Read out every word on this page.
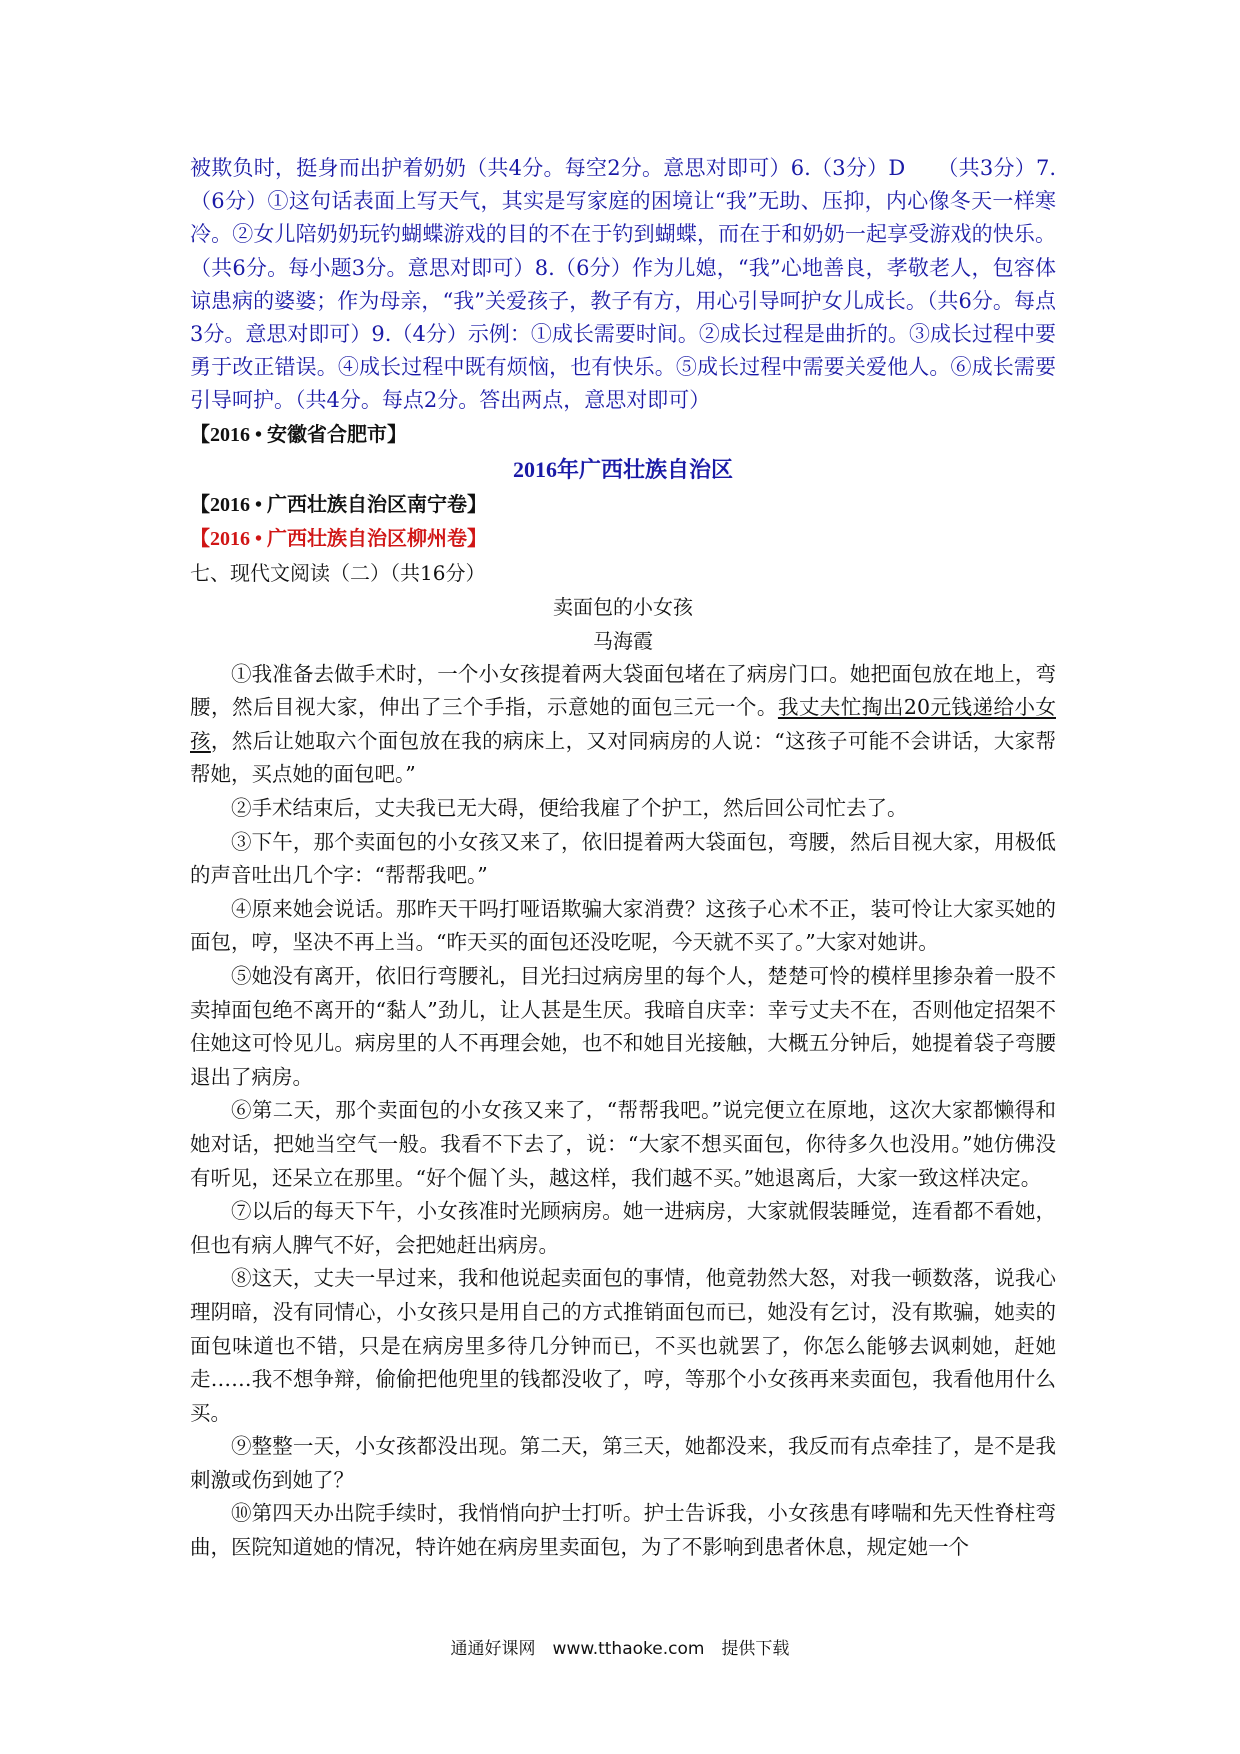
被欺负时，挺身而出护着奶奶（共4分。每空2分。意思对即可）6.（3分）D　　（共3分）7.（6分）①这句话表面上写天气，其实是写家庭的困境让“我”无助、压抑，内心像冬天一样寒冷。②女儿陪奶奶玩钓蝴蝶游戏的目的不在于钓到蝴蝶，而在于和奶奶一起享受游戏的快乐。（共6分。每小题3分。意思对即可）8.（6分）作为儿媳，“我”心地善良，孝敬老人，包容体谅患病的婆婆；作为母亲，“我”关爱孩子，教子有方，用心引导呵护女儿成长。（共6分。每点3分。意思对即可）9.（4分）示例：①成长需要时间。②成长过程是曲折的。③成长过程中要勇于改正错误。④成长过程中既有烦恼，也有快乐。⑤成长过程中需要关爱他人。⑥成长需要引导呵护。（共4分。每点2分。答出两点，意思对即可）

【2016 • 安徽省合肥市】

2016年广西壮族自治区

【2016 • 广西壮族自治区南宁卷】

【2016 • 广西壮族自治区柳州卷】

七、现代文阅读（二）（共16分）

卖面包的小女孩

马海霞

①我准备去做手术时，一个小女孩提着两大袋面包堵在了病房门口。她把面包放在地上，弯腰，然后目视大家，伸出了三个手指，示意她的面包三元一个。我丈夫忙掏出20元钱递给小女孩，然后让她取六个面包放在我的病床上，又对同病房的人说：“这孩子可能不会讲话，大家帮帮她，买点她的面包吧。”

②手术结束后，丈夫我已无大碍，便给我雇了个护工，然后回公司忙去了。

③下午，那个卖面包的小女孩又来了，依旧提着两大袋面包，弯腰，然后目视大家，用极低的声音吐出几个字：“帮帮我吧。”

④原来她会说话。那昨天干吗打哑语欺骗大家消费？这孩子心术不正，装可怜让大家买她的面包，哼，坚决不再上当。“昨天买的面包还没吃呢，今天就不买了。”大家对她讲。

⑤她没有离开，依旧行弯腰礼，目光扫过病房里的每个人，楚楚可怜的模样里掺杂着一股不卖掉面包绝不离开的“黏人”劲儿，让人甚是生厌。我暗自庆幸：幸亏丈夫不在，否则他定招架不住她这可怜见儿。病房里的人不再理会她，也不和她目光接触，大概五分钟后，她提着袋子弯腰退出了病房。

⑥第二天，那个卖面包的小女孩又来了，“帮帮我吧。”说完便立在原地，这次大家都懒得和她对话，把她当空气一般。我看不下去了，说：“大家不想买面包，你待多久也没用。”她仿佛没有听见，还呆立在那里。“好个倔丫头，越这样，我们越不买。”她退离后，大家一致这样决定。

⑦以后的每天下午，小女孩准时光顾病房。她一进病房，大家就假装睡觉，连看都不看她，但也有病人脾气不好，会把她赶出病房。

⑧这天，丈夫一早过来，我和他说起卖面包的事情，他竟勃然大怒，对我一顿数落，说我心理阴暗，没有同情心，小女孩只是用自己的方式推销面包而已，她没有乞讨，没有欺骗，她卖的面包味道也不错，只是在病房里多待几分钟而已，不买也就罢了，你怎么能够去讽刺她，赶她走……我不想争辩，偷偷把他兜里的钱都没收了，哼，等那个小女孩再来卖面包，我看他用什么买。

⑨整整一天，小女孩都没出现。第二天，第三天，她都没来，我反而有点牵挂了，是不是我刺激或伤到她了？

⑩第四天办出院手续时，我悄悄向护士打听。护士告诉我，小女孩患有哮喘和先天性脊柱弯曲，医院知道她的情况，特许她在病房里卖面包，为了不影响到患者休息，规定她一个

通通好课网　www.tthaoke.com　提供下载
